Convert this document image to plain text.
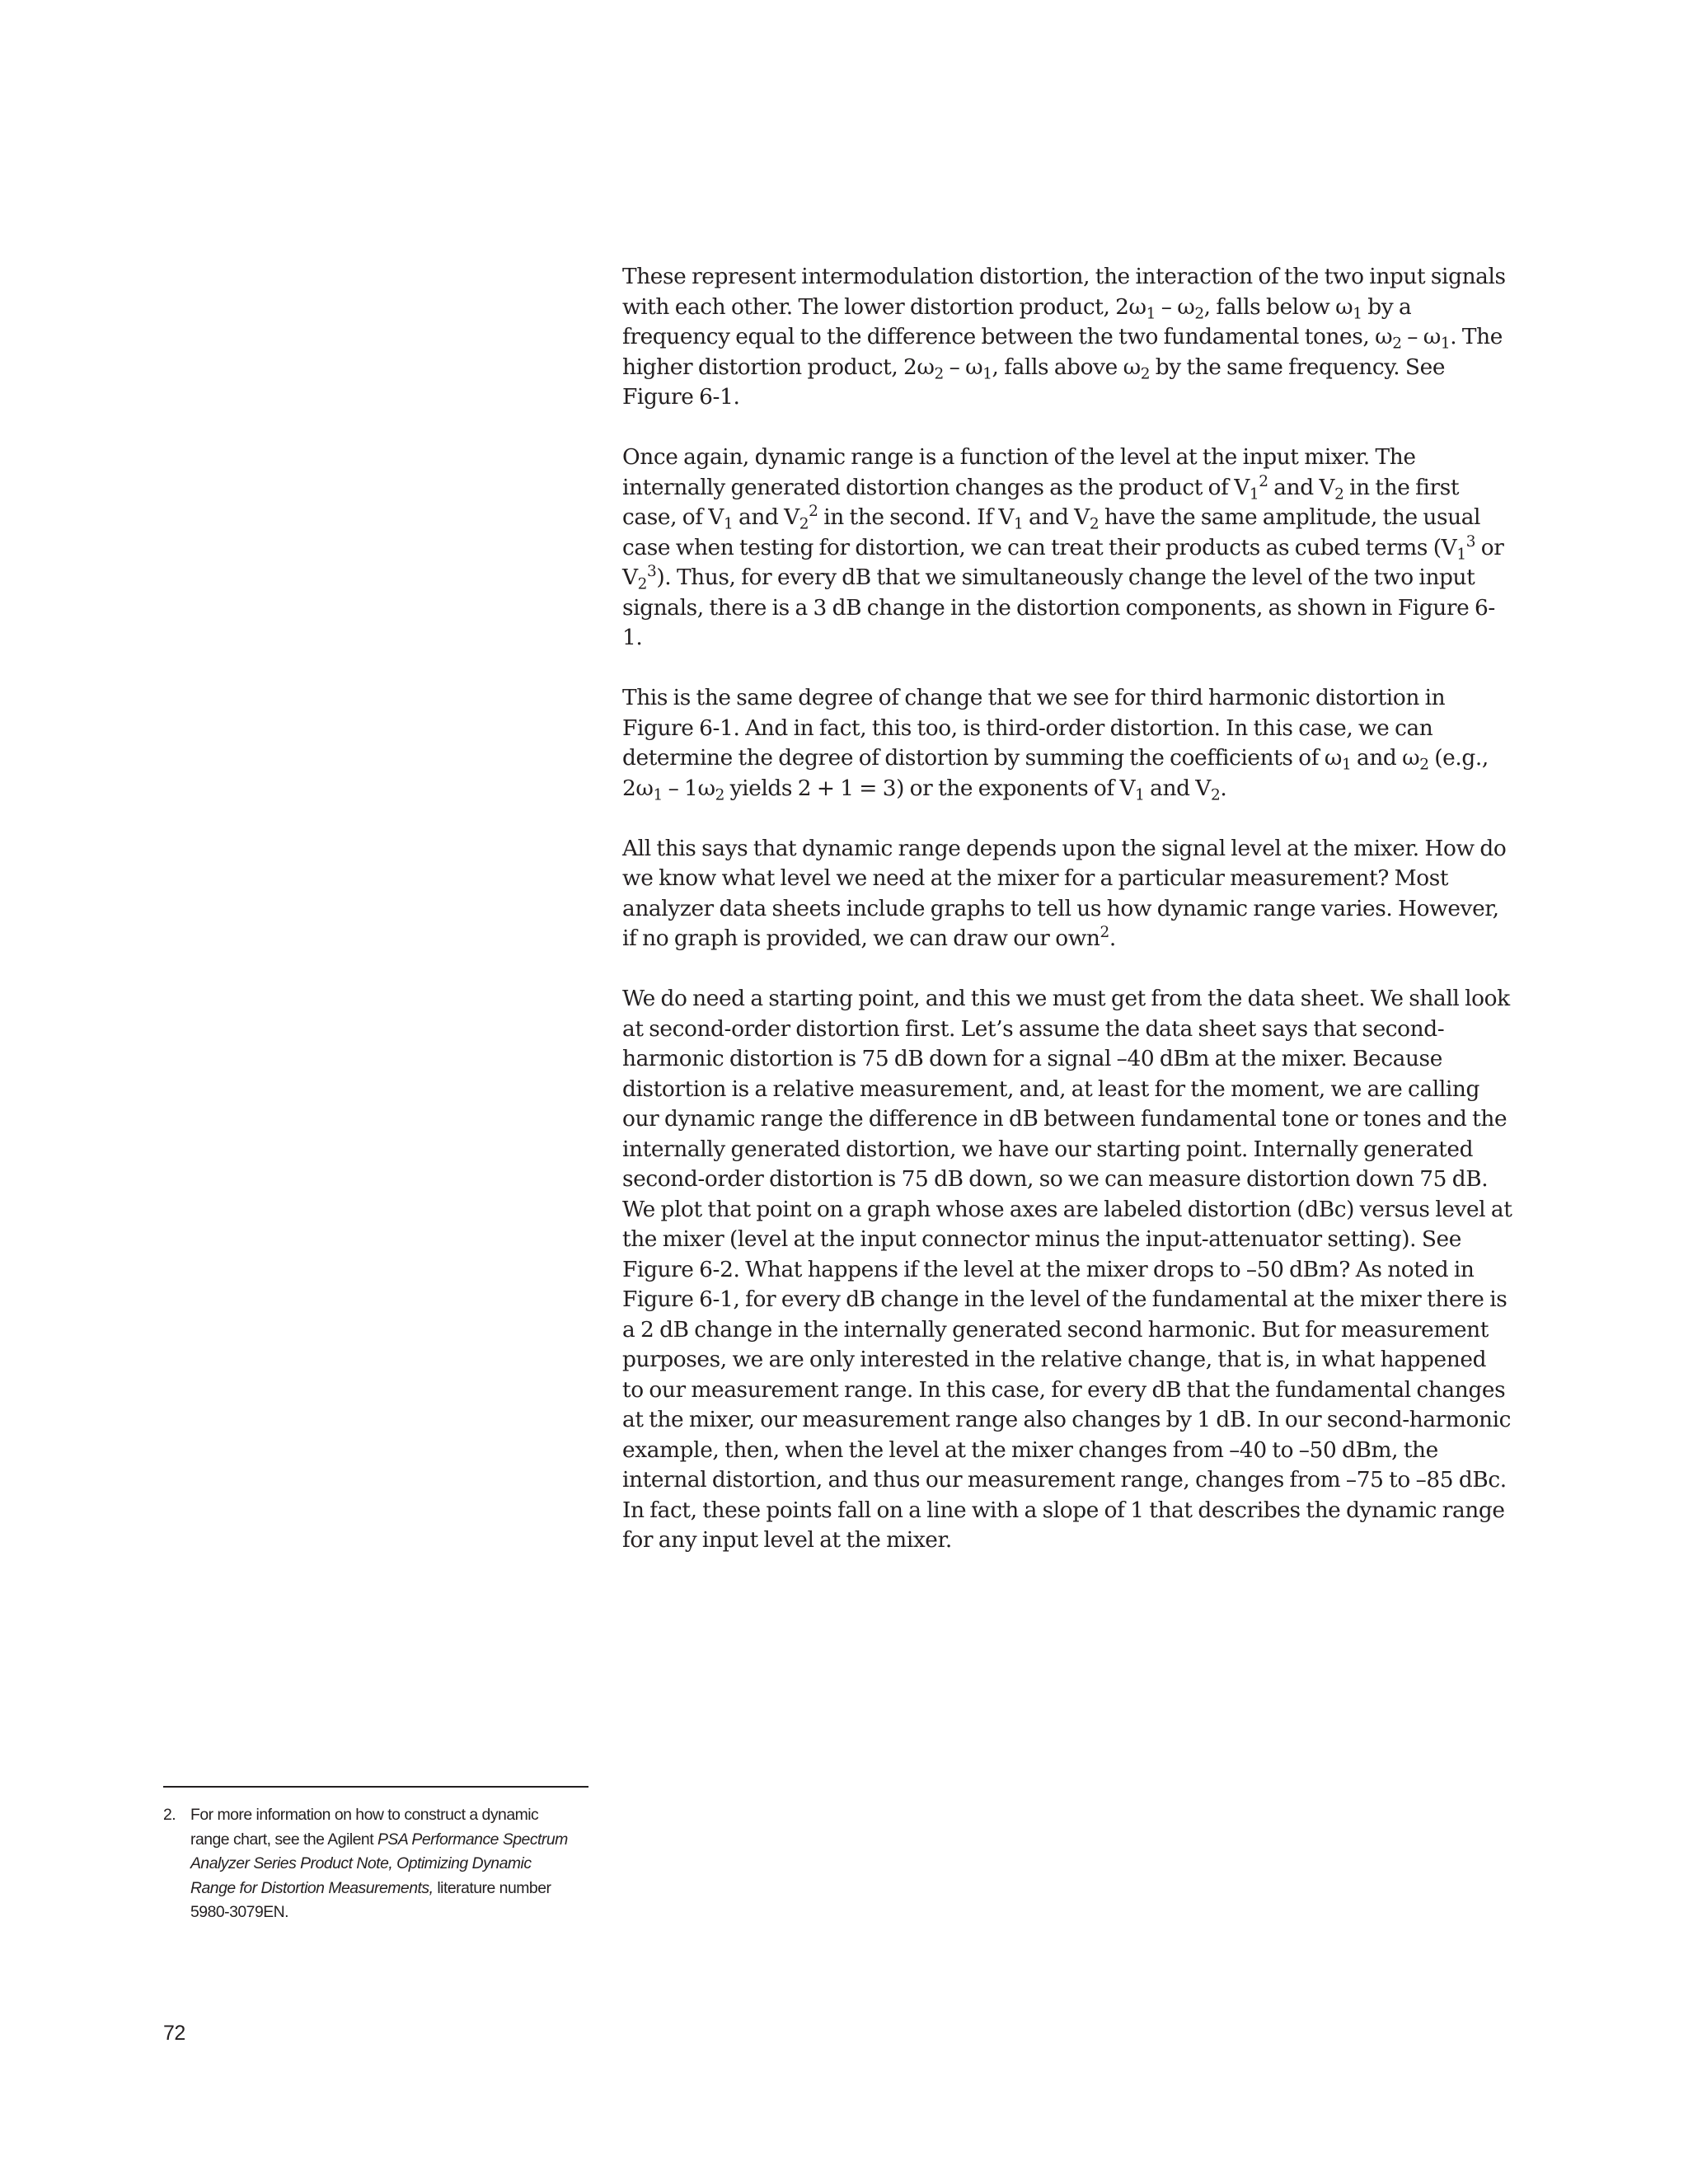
These represent intermodulation distortion, the interaction of the two input signals with each other. The lower distortion product, $2\omega_1 - \omega_2$, falls below $\omega_1$ by a frequency equal to the difference between the two fundamental tones, $\omega_2 - \omega_1$. The higher distortion product, $2\omega_2 - \omega_1$, falls above $\omega_2$ by the same frequency. See Figure 6-1.

Once again, dynamic range is a function of the level at the input mixer. The internally generated distortion changes as the product of $V_1^2$ and $V_2$ in the first case, of $V_1$ and $V_2^2$ in the second. If $V_1$ and $V_2$ have the same amplitude, the usual case when testing for distortion, we can treat their products as cubed terms ($V_1^3$ or $V_2^3$). Thus, for every dB that we simultaneously change the level of the two input signals, there is a 3 dB change in the distortion components, as shown in Figure 6-1.

This is the same degree of change that we see for third harmonic distortion in Figure 6-1. And in fact, this too, is third-order distortion. In this case, we can determine the degree of distortion by summing the coefficients of $\omega_1$ and $\omega_2$ (e.g., $2\omega_1 - 1\omega_2$ yields 2 + 1 = 3) or the exponents of $V_1$ and $V_2$.

All this says that dynamic range depends upon the signal level at the mixer. How do we know what level we need at the mixer for a particular measurement? Most analyzer data sheets include graphs to tell us how dynamic range varies. However, if no graph is provided, we can draw our own$^2$.

We do need a starting point, and this we must get from the data sheet. We shall look at second-order distortion first. Let’s assume the data sheet says that second-harmonic distortion is 75 dB down for a signal –40 dBm at the mixer. Because distortion is a relative measurement, and, at least for the moment, we are calling our dynamic range the difference in dB between fundamental tone or tones and the internally generated distortion, we have our starting point. Internally generated second-order distortion is 75 dB down, so we can measure distortion down 75 dB. We plot that point on a graph whose axes are labeled distortion (dBc) versus level at the mixer (level at the input connector minus the input-attenuator setting). See Figure 6-2. What happens if the level at the mixer drops to –50 dBm? As noted in Figure 6-1, for every dB change in the level of the fundamental at the mixer there is a 2 dB change in the internally generated second harmonic. But for measurement purposes, we are only interested in the relative change, that is, in what happened to our measurement range. In this case, for every dB that the fundamental changes at the mixer, our measurement range also changes by 1 dB. In our second-harmonic example, then, when the level at the mixer changes from –40 to –50 dBm, the internal distortion, and thus our measurement range, changes from –75 to –85 dBc. In fact, these points fall on a line with a slope of 1 that describes the dynamic range for any input level at the mixer.

2. For more information on how to construct a dynamic range chart, see the Agilent PSA Performance Spectrum Analyzer Series Product Note, Optimizing Dynamic Range for Distortion Measurements, literature number 5980-3079EN.
72
